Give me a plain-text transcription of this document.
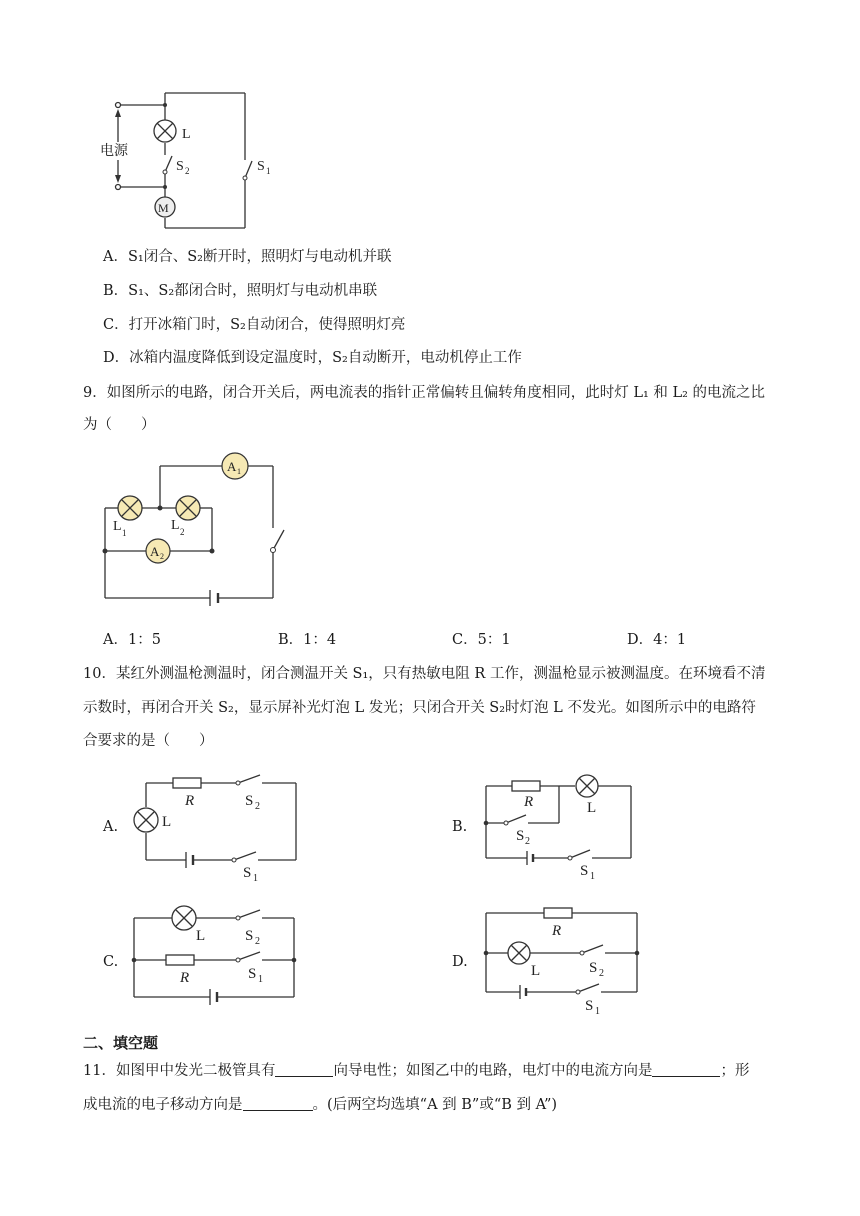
L
M
S 2	S 1
电源
A．S₁闭合、S₂断开时，照明灯与电动机并联
B．S₁、S₂都闭合时，照明灯与电动机串联
C．打开冰箱门时，S₂自动闭合，使得照明灯亮
D．冰箱内温度降低到设定温度时，S₂自动断开，电动机停止工作
9．如图所示的电路，闭合开关后，两电流表的指针正常偏转且偏转角度相同，此时灯 L₁ 和 L₂ 的电流之比
为（　　）
A 1
A 2
L 1	L 2
A．1：5	B．1：4	C．5：1	D．4：1
10．某红外测温枪测温时，闭合测温开关 S₁，只有热敏电阻 R 工作，测温枪显示被测温度。在环境看不清
示数时，再闭合开关 S₂，显示屏补光灯泡 L 发光；只闭合开关 S₂时灯泡 L 不发光。如图所示中的电路符
合要求的是（　　）
A.	B.
C.	D.
R
L
S 2
S 1
R	L
S 2
S 1
L	S 2
R	S 1
R
L	S 2
S 1
二、填空题
11．如图甲中发光二极管具有	向导电性；如图乙中的电路，电灯中的电流方向是	；形
成电流的电子移动方向是	。(后两空均选填“A 到 B”或“B 到 A”)
